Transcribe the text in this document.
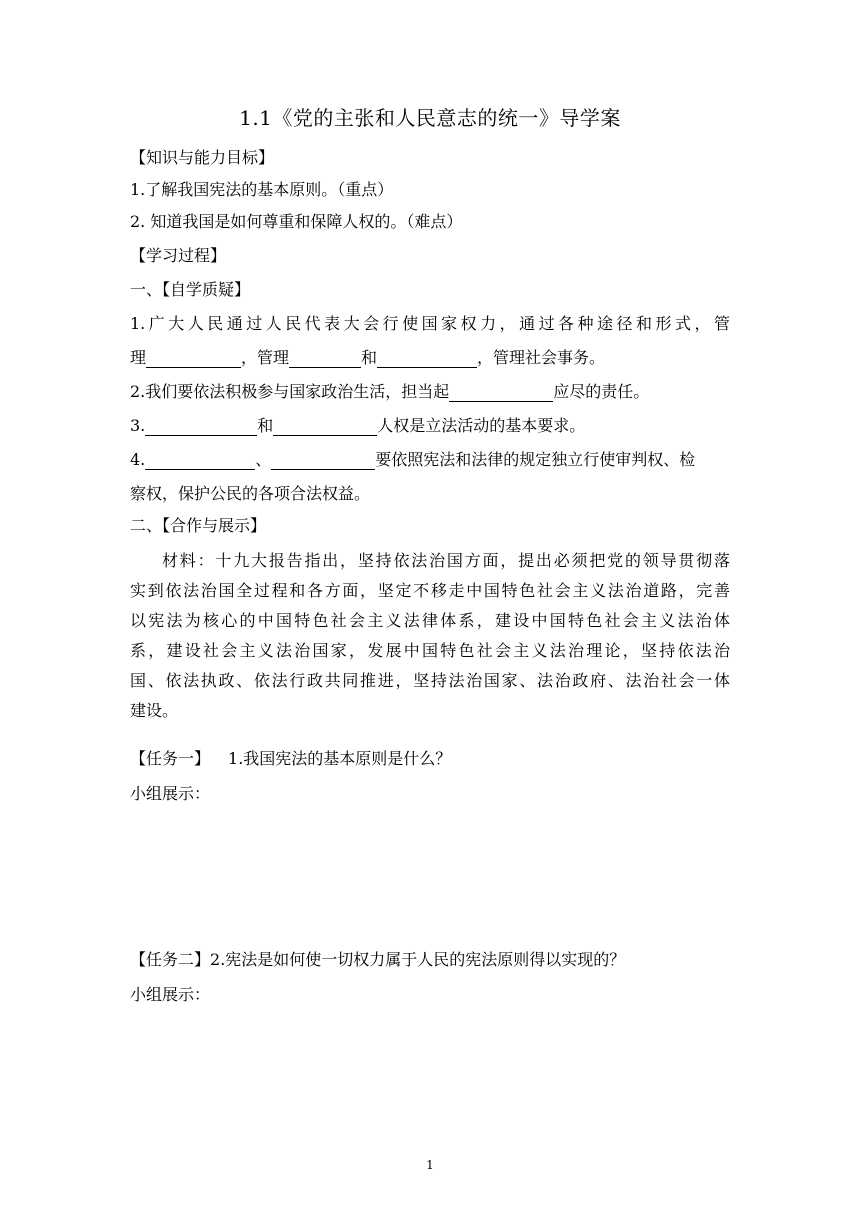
1.1《党的主张和人民意志的统一》导学案
【知识与能力目标】
1.了解我国宪法的基本原则。（重点）
2. 知道我国是如何尊重和保障人权的。（难点）
【学习过程】
一、【自学质疑】
1.广大人民通过人民代表大会行使国家权力，通过各种途径和形式，管
理	，管理	和	，管理社会事务。
2.我们要依法积极参与国家政治生活，担当起	应尽的责任。
3.	和	人权是立法活动的基本要求。
4.	、	要依照宪法和法律的规定独立行使审判权、检
察权，保护公民的各项合法权益。
二、【合作与展示】
材料：十九大报告指出，坚持依法治国方面，提出必须把党的领导贯彻落
实到依法治国全过程和各方面，坚定不移走中国特色社会主义法治道路，完善
以宪法为核心的中国特色社会主义法律体系，建设中国特色社会主义法治体
系，建设社会主义法治国家，发展中国特色社会主义法治理论，坚持依法治
国、依法执政、依法行政共同推进，坚持法治国家、法治政府、法治社会一体
建设。
【任务一】 1.我国宪法的基本原则是什么？
小组展示：
【任务二】2.宪法是如何使一切权力属于人民的宪法原则得以实现的？
小组展示：
1
